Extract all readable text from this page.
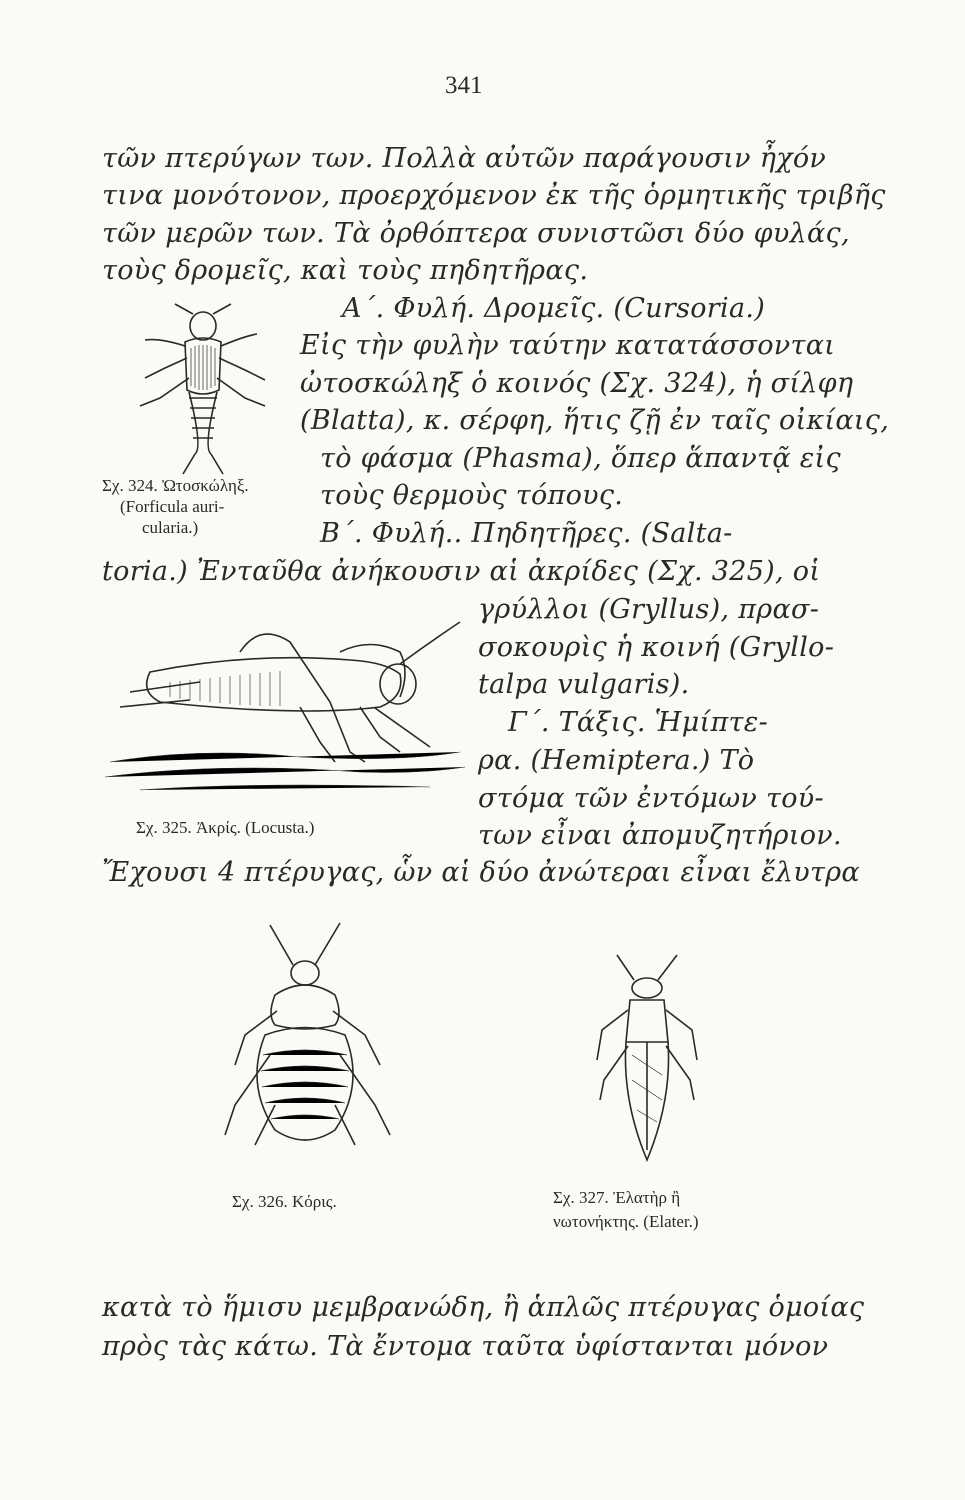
341
τῶν πτερύγων των. Πολλὰ αὐτῶν παράγουσιν ἦχόν
τινα μονότονον, προερχόμενον ἐκ τῆς ὁρμητικῆς τριβῆς
τῶν μερῶν των. Τὰ ὀρθόπτερα συνιστῶσι δύο φυλάς,
τοὺς δρομεῖς, καὶ τοὺς πηδητῆρας.
Α΄. Φυλή. Δρομεῖς. (Cursoria.)
Εἰς τὴν φυλὴν ταύτην κατατάσσονται
ὠτοσκώληξ ὁ κοινός (Σχ. 324), ἡ σίλφη
(Blatta), κ. σέρφη, ἥτις ζῇ ἐν ταῖς οἰκίαις,
τὸ φάσμα (Phasma), ὅπερ ἅπαντᾷ εἰς
τοὺς θερμοὺς τόπους.
Β΄. Φυλή.. Πηδητῆρες. (Salta-
toria.) Ἐνταῦθα ἀνήκουσιν αἱ ἀκρίδες (Σχ. 325), οἱ
γρύλλοι (Gryllus), πρασ-
σοκουρὶς ἡ κοινή (Gryllo-
talpa vulgaris).
Γ΄. Τάξις. Ἡμίπτε-
ρα. (Hemiptera.) Τὸ
στόμα τῶν ἐντόμων τού-
των εἶναι ἀπομυζητήριον.
Ἔχουσι 4 πτέρυγας, ὧν αἱ δύο ἀνώτεραι εἶναι ἔλυτρα
κατὰ τὸ ἥμισυ μεμβρανώδη, ἢ ἁπλῶς πτέρυγας ὁμοίας
πρὸς τὰς κάτω. Τὰ ἔντομα ταῦτα ὑφίστανται μόνον
Σχ. 324. Ὠτοσκώληξ.
(Forficula auri-
cularia.)
Σχ. 325. Ἀκρίς. (Locusta.)
Σχ. 326. Κόρις.	Σχ. 327. Ἐλατὴρ ἢ
νωτονήκτης. (Elater.)
